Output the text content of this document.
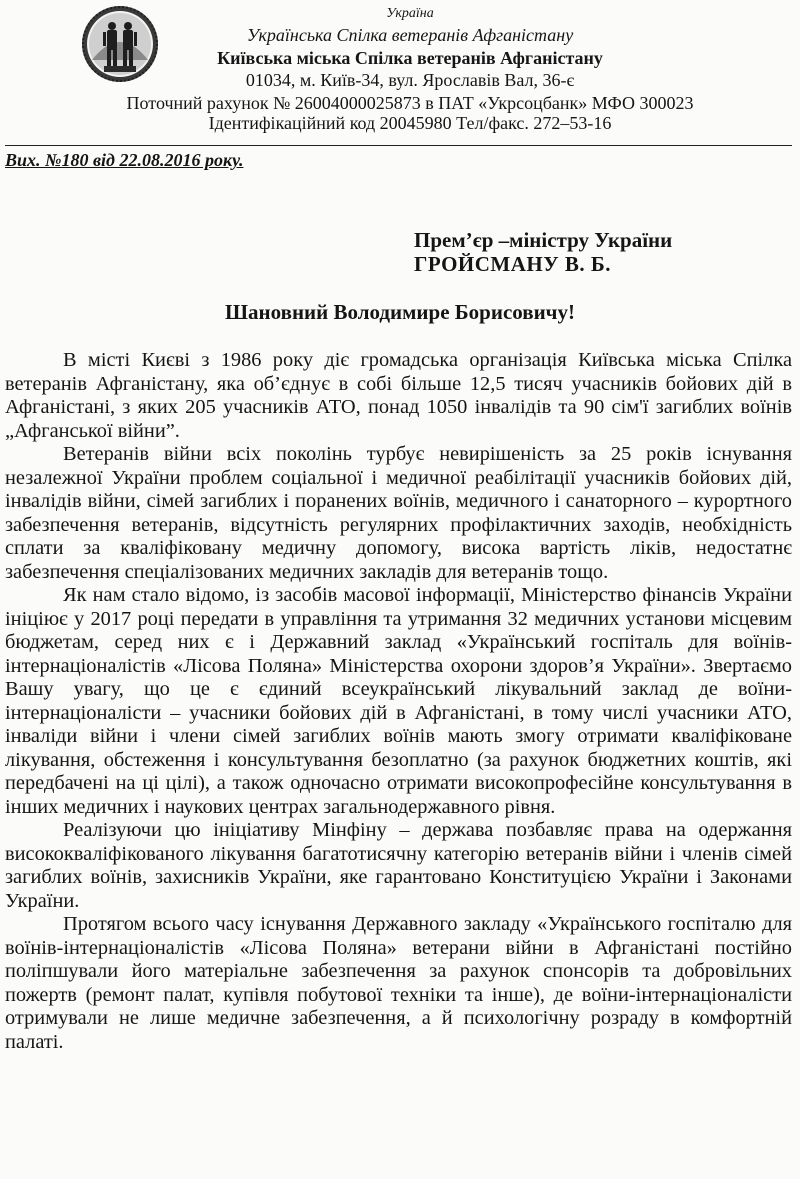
Україна
Українська Спілка ветеранів Афганістану
Київська міська Спілка ветеранів Афганістану
01034, м. Київ-34, вул. Ярославів Вал, 36-є
Поточний рахунок № 26004000025873 в ПАТ «Укрсоцбанк» МФО 300023
Ідентифікаційний код 20045980 Тел/факс. 272–53-16
Вих. №180 від 22.08.2016 року.
Прем’єр –міністру України
ГРОЙСМАНУ В. Б.
Шановний Володимире Борисовичу!

В місті Києві з 1986 року діє громадська організація Київська міська Спілка ветеранів Афганістану, яка об’єднує в собі більше 12,5 тисяч учасників бойових дій в Афганістані, з яких 205 учасників АТО, понад 1050 інвалідів та 90 сім'ї загиблих воїнів „Афганської війни”.

Ветеранів війни всіх поколінь турбує невирішеність за 25 років існування незалежної України проблем соціальної і медичної реабілітації учасників бойових дій, інвалідів війни, сімей загиблих і поранених воїнів, медичного і санаторного – курортного забезпечення ветеранів, відсутність регулярних профілактичних заходів, необхідність сплати за кваліфіковану медичну допомогу, висока вартість ліків, недостатнє забезпечення спеціалізованих медичних закладів для ветеранів тощо.

Як нам стало відомо, із засобів масової інформації, Міністерство фінансів України ініціює у 2017 році передати в управління та утримання 32 медичних установи місцевим бюджетам, серед них є і Державний заклад «Український госпіталь для воїнів-інтернаціоналістів «Лісова Поляна» Міністерства охорони здоров’я України». Звертаємо Вашу увагу, що це є єдиний всеукраїнський лікувальний заклад де воїни-інтернаціоналісти – учасники бойових дій в Афганістані, в тому числі учасники АТО, інваліди війни і члени сімей загиблих воїнів мають змогу отримати кваліфіковане лікування, обстеження і консультування безоплатно (за рахунок бюджетних коштів, які передбачені на ці цілі), а також одночасно отримати високопрофесійне консультування в інших медичних і наукових центрах загальнодержавного рівня.

Реалізуючи цю ініціативу Мінфіну – держава позбавляє права на одержання висококваліфікованого лікування багатотисячну категорію ветеранів війни і членів сімей загиблих воїнів, захисників України, яке гарантовано Конституцією України і Законами України.

Протягом всього часу існування Державного закладу «Українського госпіталю для воїнів-інтернаціоналістів «Лісова Поляна» ветерани війни в Афганістані постійно поліпшували його матеріальне забезпечення за рахунок спонсорів та добровільних пожертв (ремонт палат, купівля побутової техніки та інше), де воїни-інтернаціоналісти отримували не лише медичне забезпечення, а й психологічну розраду в комфортній палаті.
